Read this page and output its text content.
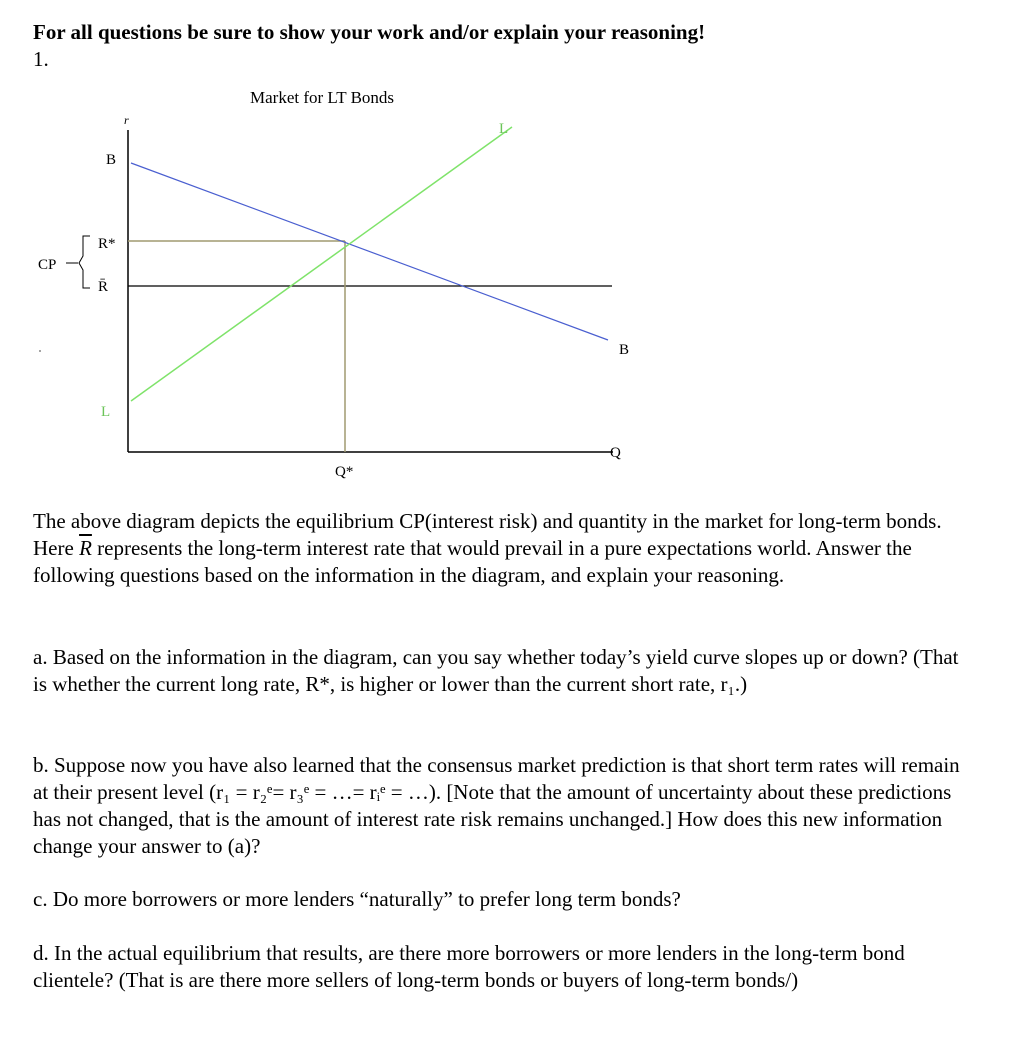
For all questions be sure to show your work and/or explain your reasoning!
1.
Market for LT Bonds
r
Q
B
B
L
L
R*
R̄
CP
Q*

The above diagram depicts the equilibrium CP(interest risk) and quantity in the market for long-term bonds. Here $\overline{R}$ represents the long-term interest rate that would prevail in a pure expectations world. Answer the following questions based on the information in the diagram, and explain your reasoning.

a. Based on the information in the diagram, can you say whether today’s yield curve slopes up or down? (That is whether the current long rate, R*, is higher or lower than the current short rate, r₁.)

b. Suppose now you have also learned that the consensus market prediction is that short term rates will remain at their present level (r₁ = r₂ᵉ= r₃ᵉ = …= rᵢᵉ = …). [Note that the amount of uncertainty about these predictions has not changed, that is the amount of interest rate risk remains unchanged.] How does this new information change your answer to (a)?

c. Do more borrowers or more lenders “naturally” to prefer long term bonds?

d. In the actual equilibrium that results, are there more borrowers or more lenders in the long-term bond clientele? (That is are there more sellers of long-term bonds or buyers of long-term bonds/)
